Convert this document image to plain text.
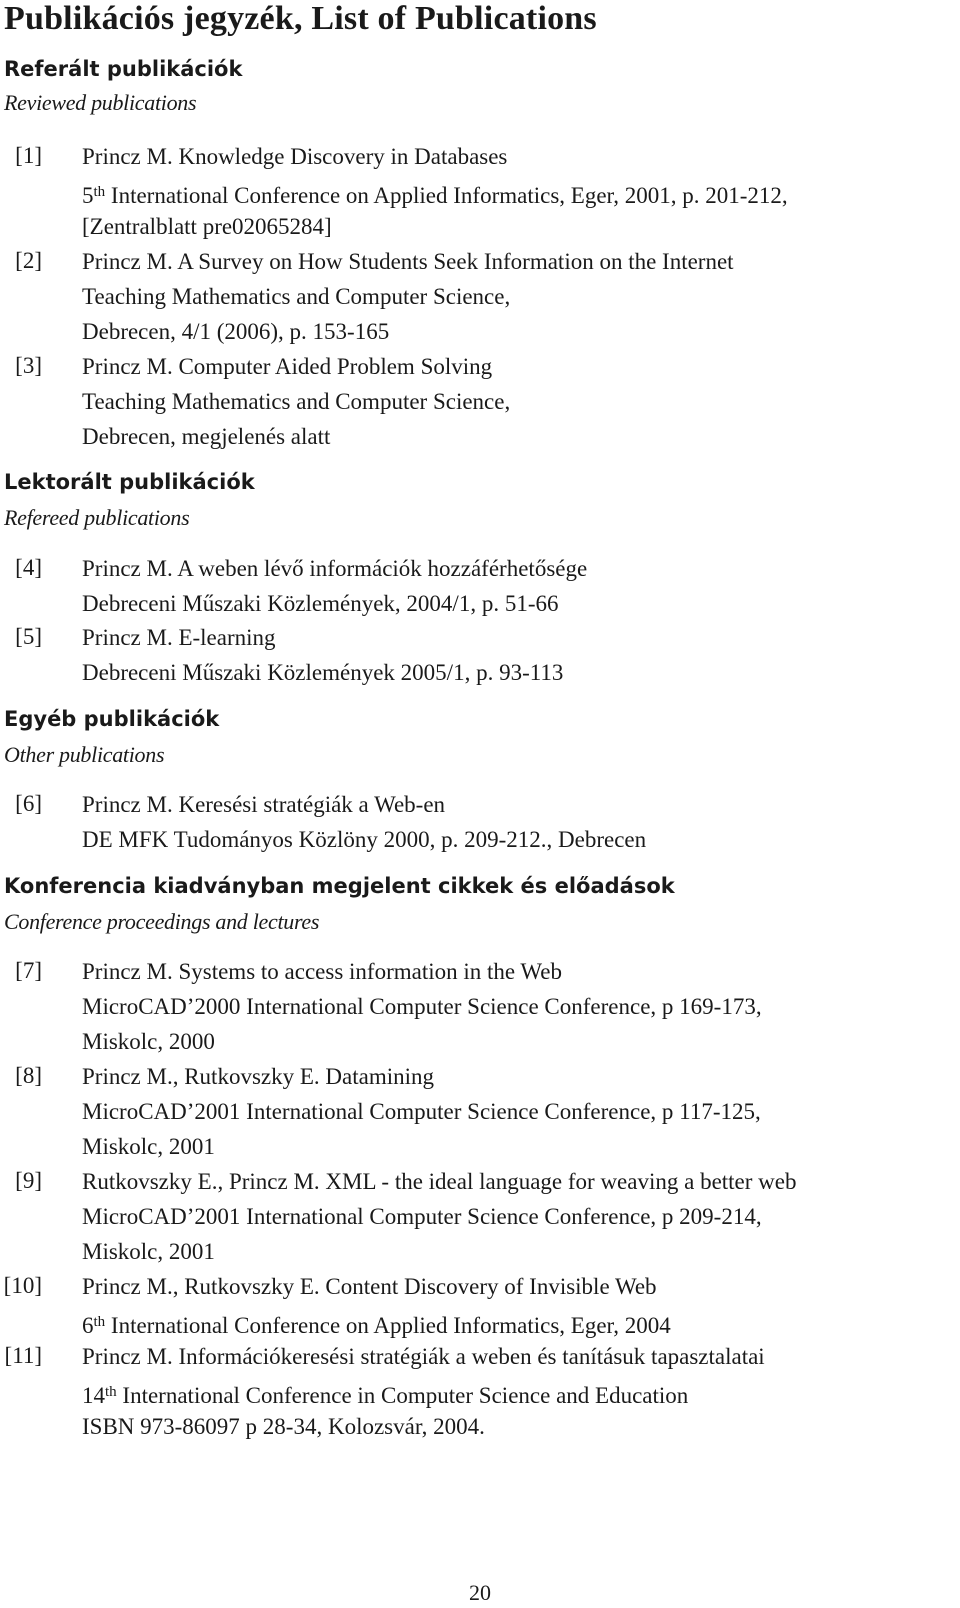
Publikációs jegyzék, List of Publications
Referált publikációk
Reviewed publications
[1] Princz M. Knowledge Discovery in Databases
5th International Conference on Applied Informatics, Eger, 2001, p. 201-212,
[Zentralblatt pre02065284]
[2] Princz M. A Survey on How Students Seek Information on the Internet
Teaching Mathematics and Computer Science,
Debrecen, 4/1 (2006), p. 153-165
[3] Princz M. Computer Aided Problem Solving
Teaching Mathematics and Computer Science,
Debrecen, megjelenés alatt
Lektorált publikációk
Refereed publications
[4] Princz M. A weben lévő információk hozzáférhetősége
Debreceni Műszaki Közlemények, 2004/1, p. 51-66
[5] Princz M. E-learning
Debreceni Műszaki Közlemények 2005/1, p. 93-113
Egyéb publikációk
Other publications
[6] Princz M. Keresési stratégiák a Web-en
DE MFK Tudományos Közlöny 2000, p. 209-212., Debrecen
Konferencia kiadványban megjelent cikkek és előadások
Conference proceedings and lectures
[7] Princz M. Systems to access information in the Web
MicroCAD’2000 International Computer Science Conference, p 169-173,
Miskolc, 2000
[8] Princz M., Rutkovszky E. Datamining
MicroCAD’2001 International Computer Science Conference, p 117-125,
Miskolc, 2001
[9] Rutkovszky E., Princz M. XML - the ideal language for weaving a better web
MicroCAD’2001 International Computer Science Conference, p 209-214,
Miskolc, 2001
[10] Princz M., Rutkovszky E. Content Discovery of Invisible Web
6th International Conference on Applied Informatics, Eger, 2004
[11] Princz M. Információkeresési stratégiák a weben és tanításuk tapasztalatai
14th International Conference in Computer Science and Education
ISBN 973-86097 p 28-34, Kolozsvár, 2004.
20
